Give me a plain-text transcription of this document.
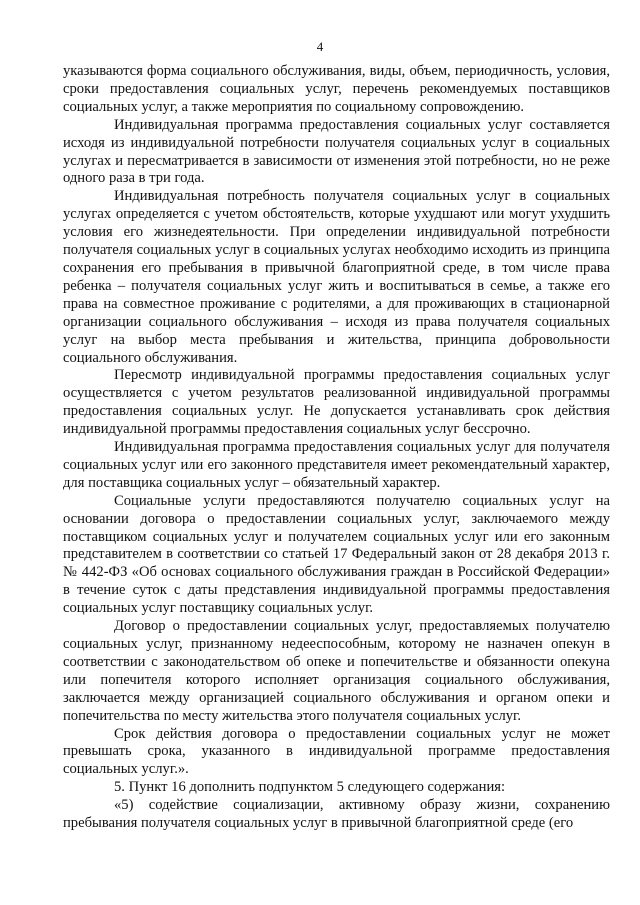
4

указываются форма социального обслуживания, виды, объем, периодичность, условия, сроки предоставления социальных услуг, перечень рекомендуемых поставщиков социальных услуг, а также мероприятия по социальному сопровождению.

Индивидуальная программа предоставления социальных услуг составляется исходя из индивидуальной потребности получателя социальных услуг в социальных услугах и пересматривается в зависимости от изменения этой потребности, но не реже одного раза в три года.

Индивидуальная потребность получателя социальных услуг в социальных услугах определяется с учетом обстоятельств, которые ухудшают или могут ухудшить условия его жизнедеятельности. При определении индивидуальной потребности получателя социальных услуг в социальных услугах необходимо исходить из принципа сохранения его пребывания в привычной благоприятной среде, в том числе права ребенка – получателя социальных услуг жить и воспитываться в семье, а также его права на совместное проживание с родителями, а для проживающих в стационарной организации социального обслуживания – исходя из права получателя социальных услуг на выбор места пребывания и жительства, принципа добровольности социального обслуживания.

Пересмотр индивидуальной программы предоставления социальных услуг осуществляется с учетом результатов реализованной индивидуальной программы предоставления социальных услуг. Не допускается устанавливать срок действия индивидуальной программы предоставления социальных услуг бессрочно.

Индивидуальная программа предоставления социальных услуг для получателя социальных услуг или его законного представителя имеет рекомендательный характер, для поставщика социальных услуг – обязательный характер.

Социальные услуги предоставляются получателю социальных услуг на основании договора о предоставлении социальных услуг, заключаемого между поставщиком социальных услуг и получателем социальных услуг или его законным представителем в соответствии со статьей 17 Федеральный закон от 28 декабря 2013 г. № 442-ФЗ «Об основах социального обслуживания граждан в Российской Федерации» в течение суток с даты представления индивидуальной программы предоставления социальных услуг поставщику социальных услуг.

Договор о предоставлении социальных услуг, предоставляемых получателю социальных услуг, признанному недееспособным, которому не назначен опекун в соответствии с законодательством об опеке и попечительстве и обязанности опекуна или попечителя которого исполняет организация социального обслуживания, заключается между организацией социального обслуживания и органом опеки и попечительства по месту жительства этого получателя социальных услуг.

Срок действия договора о предоставлении социальных услуг не может превышать срока, указанного в индивидуальной программе предоставления социальных услуг.».

5. Пункт 16 дополнить подпунктом 5 следующего содержания:

«5) содействие социализации, активному образу жизни, сохранению пребывания получателя социальных услуг в привычной благоприятной среде (его
